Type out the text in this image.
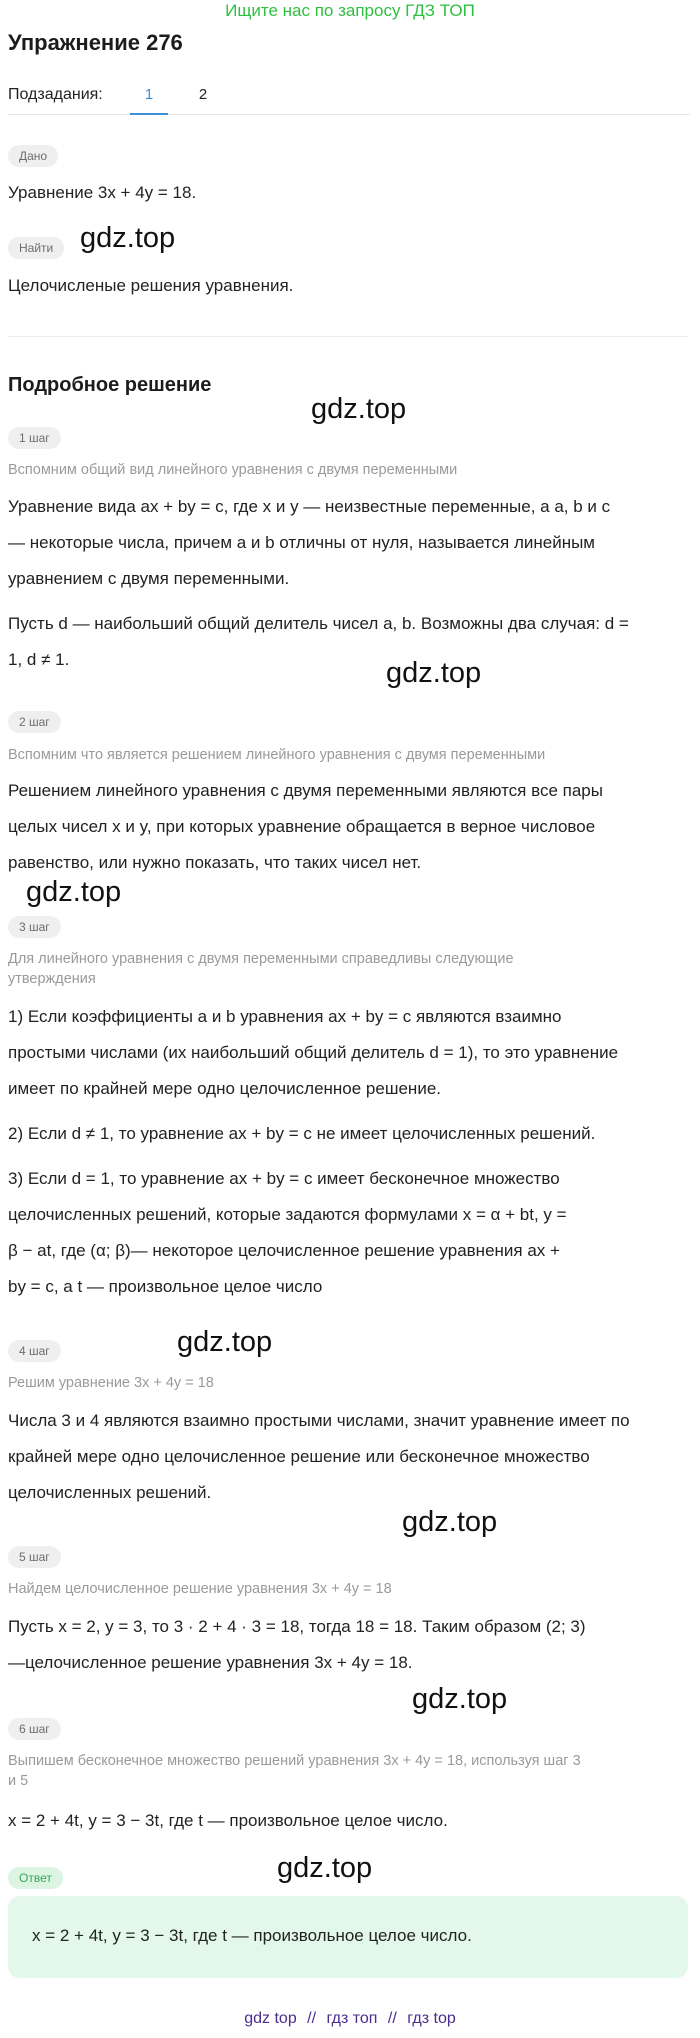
Ищите нас по запросу ГДЗ ТОП
Упражнение 276
Подзадания:	1	2
Дано
Уравнение 3x + 4y = 18.
Найти gdz.top
Целочисленые решения уравнения.
Подробное решение
gdz.top
1 шаг
Вспомним общий вид линейного уравнения с двумя переменными
Уравнение вида ax + by = c, где x и y — неизвестные переменные, а a, b и c
— некоторые числа, причем a и b отличны от нуля, называется линейным
уравнением с двумя переменными.
Пусть d — наибольший общий делитель чисел a, b. Возможны два случая: d =
1, d ≠ 1.	gdz.top
2 шаг
Вспомним что является решением линейного уравнения с двумя переменными
Решением линейного уравнения с двумя переменными являются все пары
целых чисел x и y, при которых уравнение обращается в верное числовое
равенство, или нужно показать, что таких чисел нет.
gdz.top
3 шаг
Для линейного уравнения с двумя переменными справедливы следующие
утверждения
1) Если коэффициенты a и b уравнения ax + by = c являются взаимно
простыми числами (их наибольший общий делитель d = 1), то это уравнение
имеет по крайней мере одно целочисленное решение.
2) Если d ≠ 1, то уравнение ax + by = c не имеет целочисленных решений.
3) Если d = 1, то уравнение ax + by = c имеет бесконечное множество
целочисленных решений, которые задаются формулами x = α + bt, y =
β − at, где (α; β)— некоторое целочисленное решение уравнения ax +
by = c, а t — произвольное целое число
4 шаг	gdz.top
Решим уравнение 3x + 4y = 18
Числа 3 и 4 являются взаимно простыми числами, значит уравнение имеет по
крайней мере одно целочисленное решение или бесконечное множество
целочисленных решений.
gdz.top
5 шаг
Найдем целочисленное решение уравнения 3x + 4y = 18
Пусть x = 2, y = 3, то 3 · 2 + 4 · 3 = 18, тогда 18 = 18. Таким образом (2; 3)
—целочисленное решение уравнения 3x + 4y = 18.
gdz.top
6 шаг
Выпишем бесконечное множество решений уравнения 3x + 4y = 18, используя шаг 3
и 5
x = 2 + 4t, y = 3 − 3t, где t — произвольное целое число.
Ответ	gdz.top
x = 2 + 4t, y = 3 − 3t, где t — произвольное целое число.
gdz top // гдз топ // гдз top
